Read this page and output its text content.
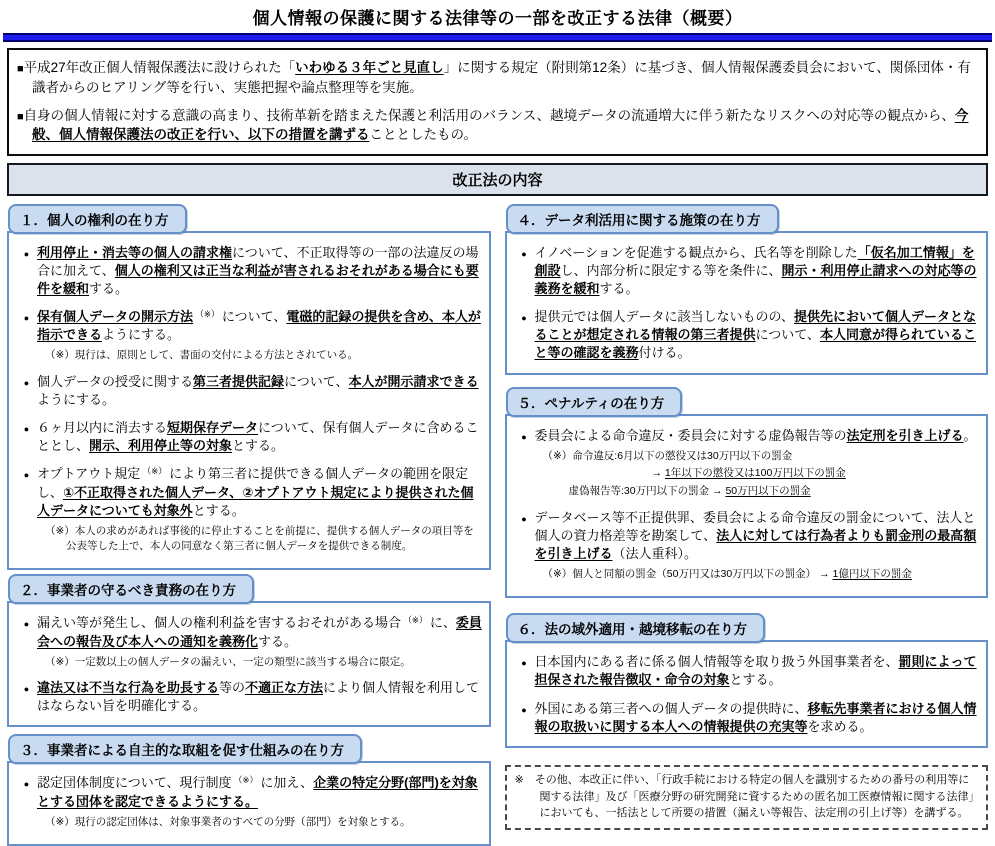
個人情報の保護に関する法律等の一部を改正する法律（概要）
■平成27年改正個人情報保護法に設けられた「いわゆる３年ごと見直し」に関する規定（附則第12条）に基づき、個人情報保護委員会において、関係団体・有識者からのヒアリング等を行い、実態把握や論点整理等を実施。
■自身の個人情報に対する意識の高まり、技術革新を踏まえた保護と利活用のバランス、越境データの流通増大に伴う新たなリスクへの対応等の観点から、今般、個人情報保護法の改正を行い、以下の措置を講ずることとしたもの。
改正法の内容
１．個人の権利の在り方
● 利用停止・消去等の個人の請求権について、不正取得等の一部の法違反の場合に加えて、個人の権利又は正当な利益が害されるおそれがある場合にも要件を緩和する。
● 保有個人データの開示方法 （※） について、電磁的記録の提供を含め、本人が指示できるようにする。
（※）現行は、原則として、書面の交付による方法とされている。
● 個人データの授受に関する第三者提供記録について、本人が開示請求できるようにする。
● ６ヶ月以内に消去する短期保存データについて、保有個人データに含めることとし、開示、利用停止等の対象とする。
● オプトアウト規定 （※） により第三者に提供できる個人データの範囲を限定し、①不正取得された個人データ、②オプトアウト規定により提供された個人データについても対象外とする。
（※）本人の求めがあれば事後的に停止することを前提に、提供する個人データの項目等を公表等した上で、本人の同意なく第三者に個人データを提供できる制度。
２．事業者の守るべき責務の在り方
● 漏えい等が発生し、個人の権利利益を害するおそれがある場合 （※） に、委員会への報告及び本人への通知を義務化する。
（※）一定数以上の個人データの漏えい、一定の類型に該当する場合に限定。
● 違法又は不当な行為を助長する等の不適正な方法により個人情報を利用してはならない旨を明確化する。
３．事業者による自主的な取組を促す仕組みの在り方
● 認定団体制度について、現行制度 （※） に加え、企業の特定分野(部門)を対象とする団体を認定できるようにする。
（※）現行の認定団体は、対象事業者のすべての分野（部門）を対象とする。
４．データ利活用に関する施策の在り方
● イノベーションを促進する観点から、氏名等を削除した「仮名加工情報」を創設し、内部分析に限定する等を条件に、開示・利用停止請求への対応等の義務を緩和する。
● 提供元では個人データに該当しないものの、提供先において個人データとなることが想定される情報の第三者提供について、本人同意が得られていること等の確認を義務付ける。
５．ペナルティの在り方
● 委員会による命令違反・委員会に対する虚偽報告等の法定刑を引き上げる。
（※）命令違反:6月以下の懲役又は30万円以下の罰金
→ 1年以下の懲役又は100万円以下の罰金
虚偽報告等:30万円以下の罰金 → 50万円以下の罰金
● データベース等不正提供罪、委員会による命令違反の罰金について、法人と個人の資力格差等を勘案して、法人に対しては行為者よりも罰金刑の最高額を引き上げる（法人重科）。
（※）個人と同額の罰金（50万円又は30万円以下の罰金） → 1億円以下の罰金
６．法の域外適用・越境移転の在り方
● 日本国内にある者に係る個人情報等を取り扱う外国事業者を、罰則によって担保された報告徴収・命令の対象とする。
● 外国にある第三者への個人データの提供時に、移転先事業者における個人情報の取扱いに関する本人への情報提供の充実等を求める。
※　その他、本改正に伴い、「行政手続における特定の個人を識別するための番号の利用等に関する法律」及び「医療分野の研究開発に資するための匿名加工医療情報に関する法律」においても、一括法として所要の措置（漏えい等報告、法定刑の引上げ等）を講ずる。
